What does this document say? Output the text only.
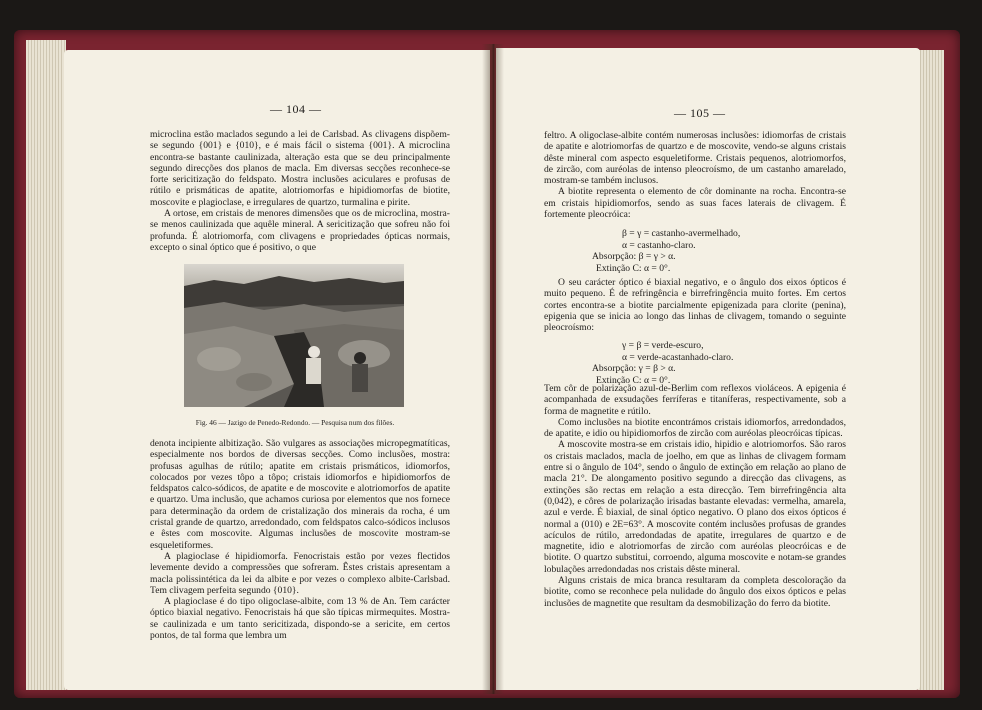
— 104 —

microclina estão maclados segundo a lei de Carlsbad. As clivagens dispõem-se segundo {001} e {010}, e é mais fácil o sistema {001}. A microclina encontra-se bastante caulinizada, alteração esta que se deu principalmente segundo direcções dos planos de macla. Em diversas secções reconhece-se forte sericitização do feldspato. Mostra inclusões aciculares e profusas de rútilo e prismáticas de apatite, alotriomorfas e hipidiomorfas de biotite, moscovite e plagioclase, e irregulares de quartzo, turmalina e pirite.

A ortose, em cristais de menores dimensões que os de microclina, mostra-se menos caulinizada que aquêle mineral. A sericitização que sofreu não foi profunda. É alotriomorfa, com clivagens e propriedades ópticas normais, excepto o sinal óptico que é positivo, o que

Fig. 46 — Jazigo de Penedo-Redondo. — Pesquisa num dos filões.

denota incipiente albitização. São vulgares as associações micropegmatíticas, especialmente nos bordos de diversas secções. Como inclusões, mostra: profusas agulhas de rútilo; apatite em cristais prismáticos, idiomorfos, colocados por vezes tôpo a tôpo; cristais idiomorfos e hipidiomorfos de feldspatos calco-sódicos, de apatite e de moscovite e alotriomorfos de apatite e quartzo. Uma inclusão, que achamos curiosa por elementos que nos fornece para determinação da ordem de cristalização dos minerais da rocha, é um cristal grande de quartzo, arredondado, com feldspatos calco-sódicos inclusos e êstes com moscovite. Algumas inclusões de moscovite mostram-se esqueletiformes.

A plagioclase é hipidiomorfa. Fenocristais estão por vezes flectidos levemente devido a compressões que sofreram. Êstes cristais apresentam a macla polissintética da lei da albite e por vezes o complexo albite-Carlsbad. Tem clivagem perfeita segundo {010}.

A plagioclase é do tipo oligoclase-albite, com 13 % de An. Tem carácter óptico biaxial negativo. Fenocristais há que são típicas mirmequites. Mostra-se caulinizada e um tanto sericitizada, dispondo-se a sericite, em certos pontos, de tal forma que lembra um

— 105 —

feltro. A oligoclase-albite contém numerosas inclusões: idiomorfas de cristais de apatite e alotriomorfas de quartzo e de moscovite, vendo-se alguns cristais dêste mineral com aspecto esqueletiforme. Cristais pequenos, alotriomorfos, de zircão, com auréolas de intenso pleocroísmo, de um castanho amarelado, mostram-se também inclusos.

A biotite representa o elemento de côr dominante na rocha. Encontra-se em cristais hipidiomorfos, sendo as suas faces laterais de clivagem. É fortemente pleocróica:

β = γ = castanho-avermelhado,
α = castanho-claro.
Absorpção: β = γ > α.
Extinção C: α = 0°.

O seu carácter óptico é biaxial negativo, e o ângulo dos eixos ópticos é muito pequeno. É de refringência e birrefringência muito fortes. Em certos cortes encontra-se a biotite parcialmente epigenizada para clorite (penina), epigenia que se inicia ao longo das linhas de clivagem, tomando o seguinte pleocroísmo:

γ = β = verde-escuro,
α = verde-acastanhado-claro.
Absorpção: γ = β > α.
Extinção C: α = 0°.

Tem côr de polarização azul-de-Berlim com reflexos violáceos. A epigenia é acompanhada de exsudações ferríferas e titaníferas, respectivamente, sob a forma de magnetite e rútilo.

Como inclusões na biotite encontrámos cristais idiomorfos, arredondados, de apatite, e idio ou hipidiomorfos de zircão com auréolas pleocróicas típicas.

A moscovite mostra-se em cristais idio, hipidio e alotriomorfos. São raros os cristais maclados, macla de joelho, em que as linhas de clivagem formam entre si o ângulo de 104°, sendo o ângulo de extinção em relação ao plano de macla 21°. De alongamento positivo segundo a direcção das clivagens, as extinções são rectas em relação a esta direcção. Tem birrefringência alta (0,042), e côres de polarização irisadas bastante elevadas: vermelha, amarela, azul e verde. É biaxial, de sinal óptico negativo. O plano dos eixos ópticos é normal a (010) e 2E=63°. A moscovite contém inclusões profusas de grandes acículos de rútilo, arredondadas de apatite, irregulares de quartzo e de magnetite, idio e alotriomorfas de zircão com auréolas pleocróicas e de biotite. O quartzo substitui, corroendo, alguma moscovite e notam-se grandes lobulações arredondadas nos cristais dêste mineral.

Alguns cristais de mica branca resultaram da completa descoloração da biotite, como se reconhece pela nulidade do ângulo dos eixos ópticos e pelas inclusões de magnetite que resultam da desmobilização do ferro da biotite.
